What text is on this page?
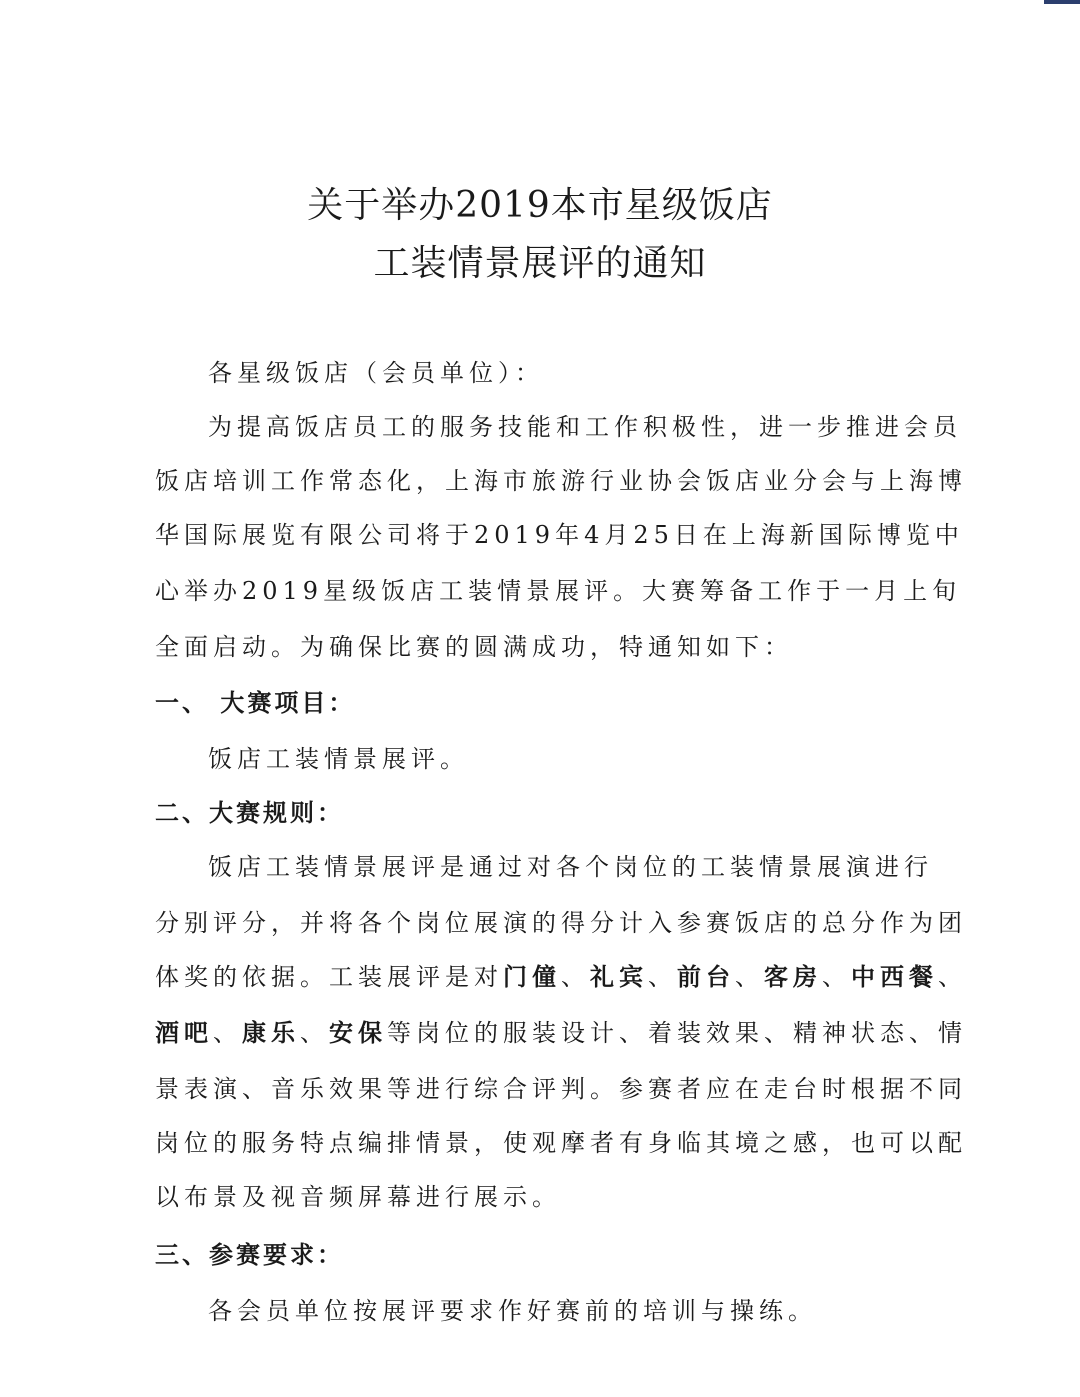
关于举办2019本市星级饭店
工装情景展评的通知
各星级饭店（会员单位）：
为提高饭店员工的服务技能和工作积极性，进一步推进会员
饭店培训工作常态化，上海市旅游行业协会饭店业分会与上海博
华国际展览有限公司将于2019年4月25日在上海新国际博览中
心举办2019星级饭店工装情景展评。大赛筹备工作于一月上旬
全面启动。为确保比赛的圆满成功，特通知如下：
一、 大赛项目：
饭店工装情景展评。
二、大赛规则：
饭店工装情景展评是通过对各个岗位的工装情景展演进行
分别评分，并将各个岗位展演的得分计入参赛饭店的总分作为团
体奖的依据。工装展评是对门僮、礼宾、前台、客房、中西餐、
酒吧、康乐、安保等岗位的服装设计、着装效果、精神状态、情
景表演、音乐效果等进行综合评判。参赛者应在走台时根据不同
岗位的服务特点编排情景，使观摩者有身临其境之感，也可以配
以布景及视音频屏幕进行展示。
三、参赛要求：
各会员单位按展评要求作好赛前的培训与操练。
